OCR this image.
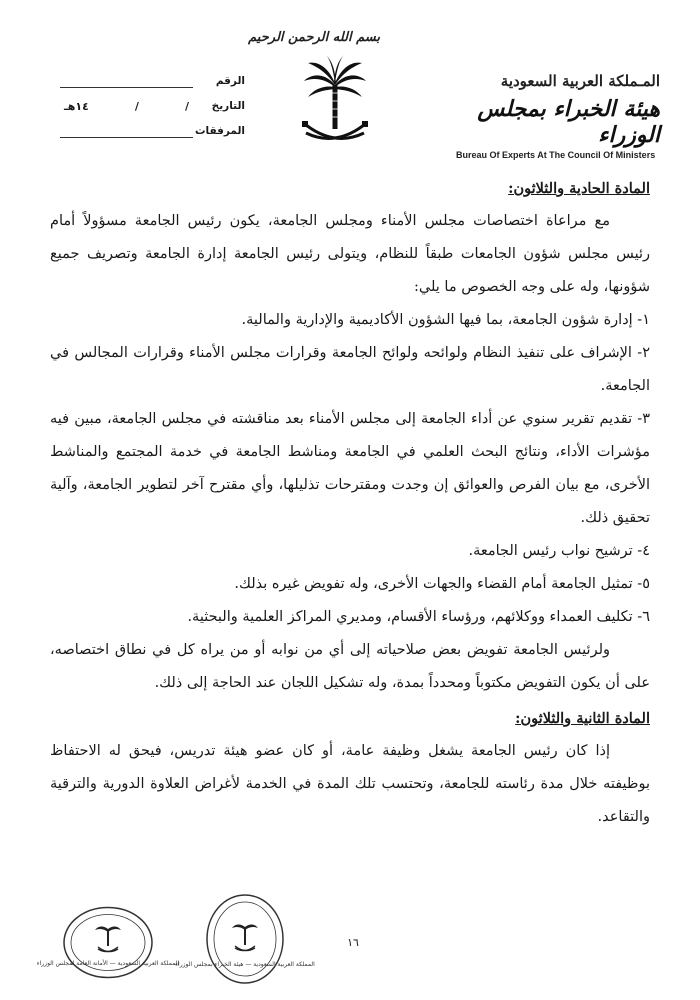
بسم الله الرحمن الرحيم
المـملكة العربية السعودية
هيئة الخبراء بمجلس الوزراء
Bureau Of Experts At The Council Of Ministers
الرقم
التاريخ
/
/
١٤هـ
المرفقات

المادة الحادية والثلاثون:

مع مراعاة اختصاصات مجلس الأمناء ومجلس الجامعة، يكون رئيس الجامعة مسؤولاً أمام رئيس مجلس شؤون الجامعات طبقاً للنظام، ويتولى رئيس الجامعة إدارة الجامعة وتصريف جميع شؤونها، وله على وجه الخصوص ما يلي:

١- إدارة شؤون الجامعة، بما فيها الشؤون الأكاديمية والإدارية والمالية.

٢- الإشراف على تنفيذ النظام ولوائحه ولوائح الجامعة وقرارات مجلس الأمناء وقرارات المجالس في الجامعة.

٣- تقديم تقرير سنوي عن أداء الجامعة إلى مجلس الأمناء بعد مناقشته في مجلس الجامعة، مبين فيه مؤشرات الأداء، ونتائج البحث العلمي في الجامعة ومناشط الجامعة في خدمة المجتمع والمناشط الأخرى، مع بيان الفرص والعوائق إن وجدت ومقترحات تذليلها، وأي مقترح آخر لتطوير الجامعة، وآلية تحقيق ذلك.

٤- ترشيح نواب رئيس الجامعة.

٥- تمثيل الجامعة أمام القضاء والجهات الأخرى، وله تفويض غيره بذلك.

٦- تكليف العمداء ووكلائهم، ورؤساء الأقسام، ومديري المراكز العلمية والبحثية.

ولرئيس الجامعة تفويض بعض صلاحياته إلى أي من نوابه أو من يراه كل في نطاق اختصاصه، على أن يكون التفويض مكتوباً ومحدداً بمدة، وله تشكيل اللجان عند الحاجة إلى ذلك.

المادة الثانية والثلاثون:

إذا كان رئيس الجامعة يشغل وظيفة عامة، أو كان عضو هيئة تدريس، فيحق له الاحتفاظ بوظيفته خلال مدة رئاسته للجامعة، وتحتسب تلك المدة في الخدمة لأغراض العلاوة الدورية والترقية والتقاعد.

١٦
المملكة العربية السعودية — الأمانة العامة لمجلس الوزراء
المملكة العربية السعودية — هيئة الخبراء بمجلس الوزراء
